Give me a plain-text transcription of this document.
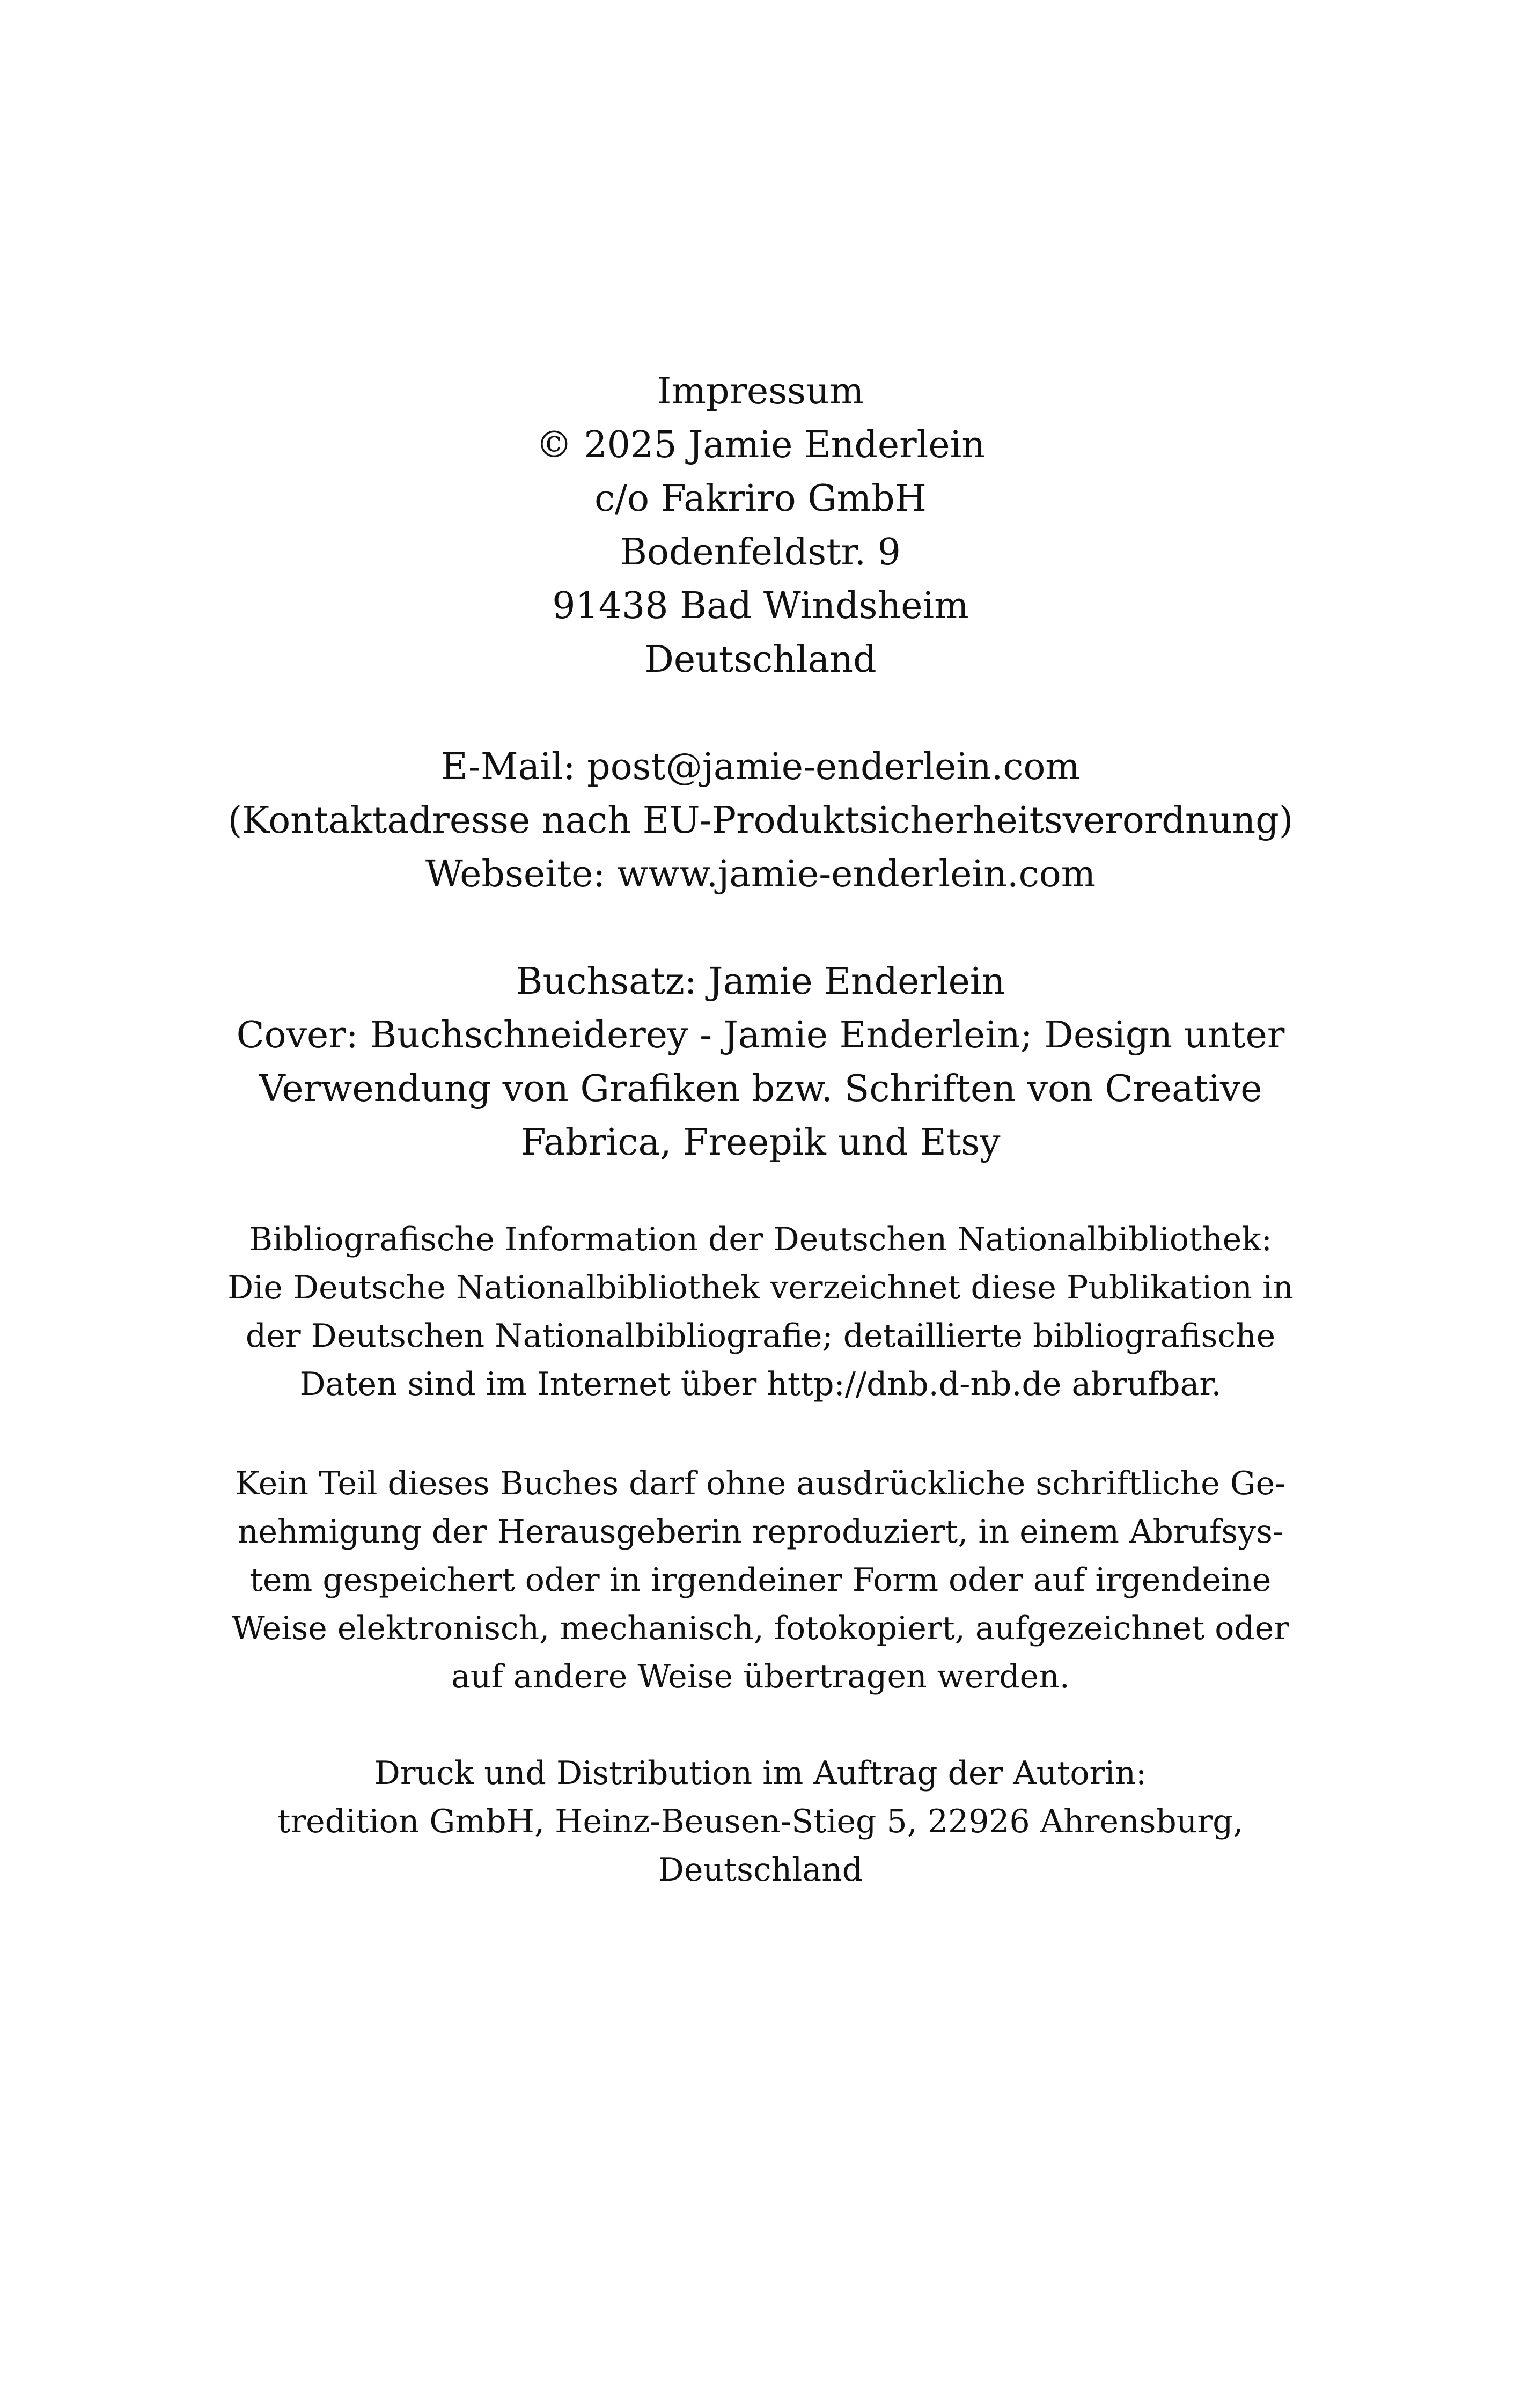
Impressum
© 2025 Jamie Enderlein
c/o Fakriro GmbH
Bodenfeldstr. 9
91438 Bad Windsheim
Deutschland
E-Mail: post@jamie-enderlein.com
(Kontaktadresse nach EU-Produktsicherheitsverordnung)
Webseite: www.jamie-enderlein.com
Buchsatz: Jamie Enderlein
Cover: Buchschneiderey - Jamie Enderlein; Design unter
Verwendung von Grafiken bzw. Schriften von Creative
Fabrica, Freepik und Etsy
Bibliografische Information der Deutschen Nationalbibliothek:
Die Deutsche Nationalbibliothek verzeichnet diese Publikation in
der Deutschen Nationalbibliografie; detaillierte bibliografische
Daten sind im Internet über http://dnb.d-nb.de abrufbar.
Kein Teil dieses Buches darf ohne ausdrückliche schriftliche Ge-
nehmigung der Herausgeberin reproduziert, in einem Abrufsys-
tem gespeichert oder in irgendeiner Form oder auf irgendeine
Weise elektronisch, mechanisch, fotokopiert, aufgezeichnet oder
auf andere Weise übertragen werden.
Druck und Distribution im Auftrag der Autorin:
tredition GmbH, Heinz-Beusen-Stieg 5, 22926 Ahrensburg,
Deutschland
